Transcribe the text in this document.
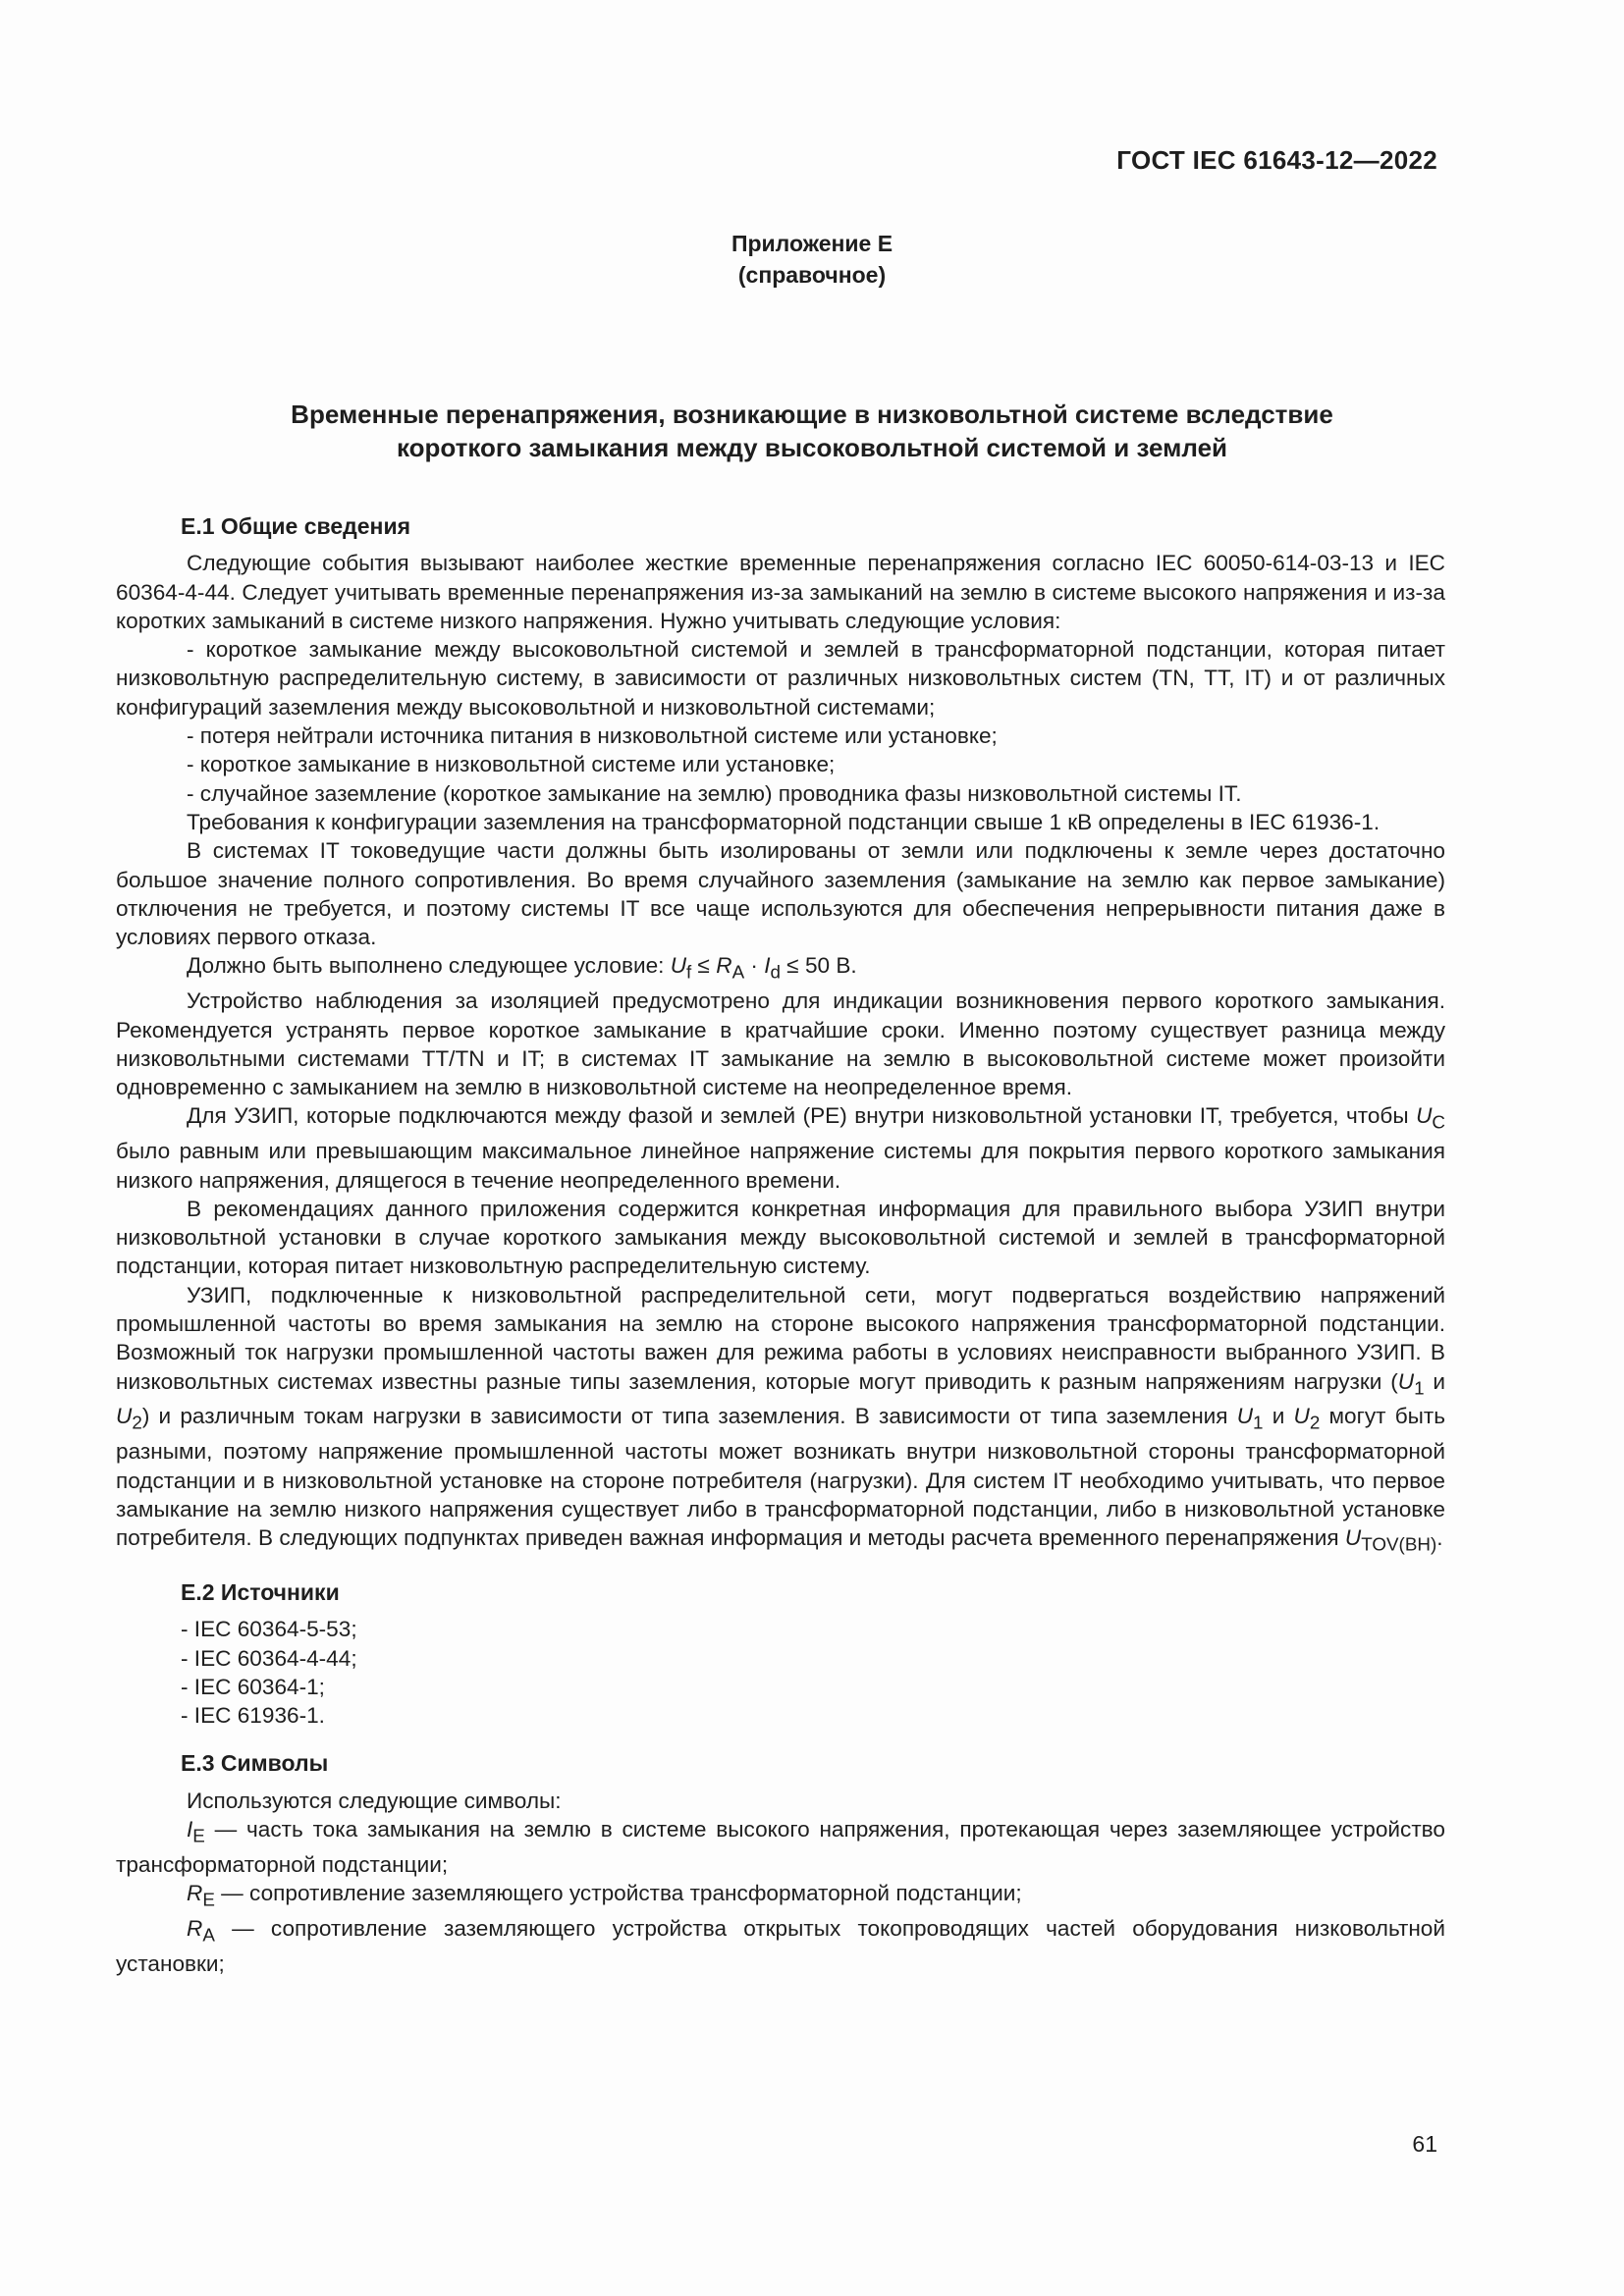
ГОСТ IEC 61643-12—2022
Приложение Е
(справочное)
Временные перенапряжения, возникающие в низковольтной системе вследствие
короткого замыкания между высоковольтной системой и землей
Е.1 Общие сведения

Следующие события вызывают наиболее жесткие временные перенапряжения согласно IEC 60050-614-03-13 и IEC 60364-4-44. Следует учитывать временные перенапряжения из-за замыканий на землю в системе высокого напряжения и из-за коротких замыканий в системе низкого напряжения. Нужно учитывать следующие условия:

- короткое замыкание между высоковольтной системой и землей в трансформаторной подстанции, которая питает низковольтную распределительную систему, в зависимости от различных низковольтных систем (TN, TT, IT) и от различных конфигураций заземления между высоковольтной и низковольтной системами;

- потеря нейтрали источника питания в низковольтной системе или установке;

- короткое замыкание в низковольтной системе или установке;

- случайное заземление (короткое замыкание на землю) проводника фазы низковольтной системы IT.

Требования к конфигурации заземления на трансформаторной подстанции свыше 1 кВ определены в IEC 61936-1.

В системах IT токоведущие части должны быть изолированы от земли или подключены к земле через достаточно большое значение полного сопротивления. Во время случайного заземления (замыкание на землю как первое замыкание) отключения не требуется, и поэтому системы IT все чаще используются для обеспечения непрерывности питания даже в условиях первого отказа.

Должно быть выполнено следующее условие: $U_f \le R_A \cdot I_d \le 50$ В.

Устройство наблюдения за изоляцией предусмотрено для индикации возникновения первого короткого замыкания. Рекомендуется устранять первое короткое замыкание в кратчайшие сроки. Именно поэтому существует разница между низковольтными системами TT/TN и IT; в системах IT замыкание на землю в высоковольтной системе может произойти одновременно с замыканием на землю в низковольтной системе на неопределенное время.

Для УЗИП, которые подключаются между фазой и землей (PE) внутри низковольтной установки IT, требуется, чтобы $U_C$ было равным или превышающим максимальное линейное напряжение системы для покрытия первого короткого замыкания низкого напряжения, длящегося в течение неопределенного времени.

В рекомендациях данного приложения содержится конкретная информация для правильного выбора УЗИП внутри низковольтной установки в случае короткого замыкания между высоковольтной системой и землей в трансформаторной подстанции, которая питает низковольтную распределительную систему.

УЗИП, подключенные к низковольтной распределительной сети, могут подвергаться воздействию напряжений промышленной частоты во время замыкания на землю на стороне высокого напряжения трансформаторной подстанции. Возможный ток нагрузки промышленной частоты важен для режима работы в условиях неисправности выбранного УЗИП. В низковольтных системах известны разные типы заземления, которые могут приводить к разным напряжениям нагрузки ($U_1$ и $U_2$) и различным токам нагрузки в зависимости от типа заземления. В зависимости от типа заземления $U_1$ и $U_2$ могут быть разными, поэтому напряжение промышленной частоты может возникать внутри низковольтной стороны трансформаторной подстанции и в низковольтной установке на стороне потребителя (нагрузки). Для систем IT необходимо учитывать, что первое замыкание на землю низкого напряжения существует либо в трансформаторной подстанции, либо в низковольтной установке потребителя. В следующих подпунктах приведен важная информация и методы расчета временного перенапряжения $U_{TOV(BH)}$.

Е.2 Источники

- IEC 60364-5-53;

- IEC 60364-4-44;

- IEC 60364-1;

- IEC 61936-1.

Е.3 Символы

Используются следующие символы:

$I_E$ — часть тока замыкания на землю в системе высокого напряжения, протекающая через заземляющее устройство трансформаторной подстанции;

$R_E$ — сопротивление заземляющего устройства трансформаторной подстанции;

$R_A$ — сопротивление заземляющего устройства открытых токопроводящих частей оборудования низковольтной установки;

61
